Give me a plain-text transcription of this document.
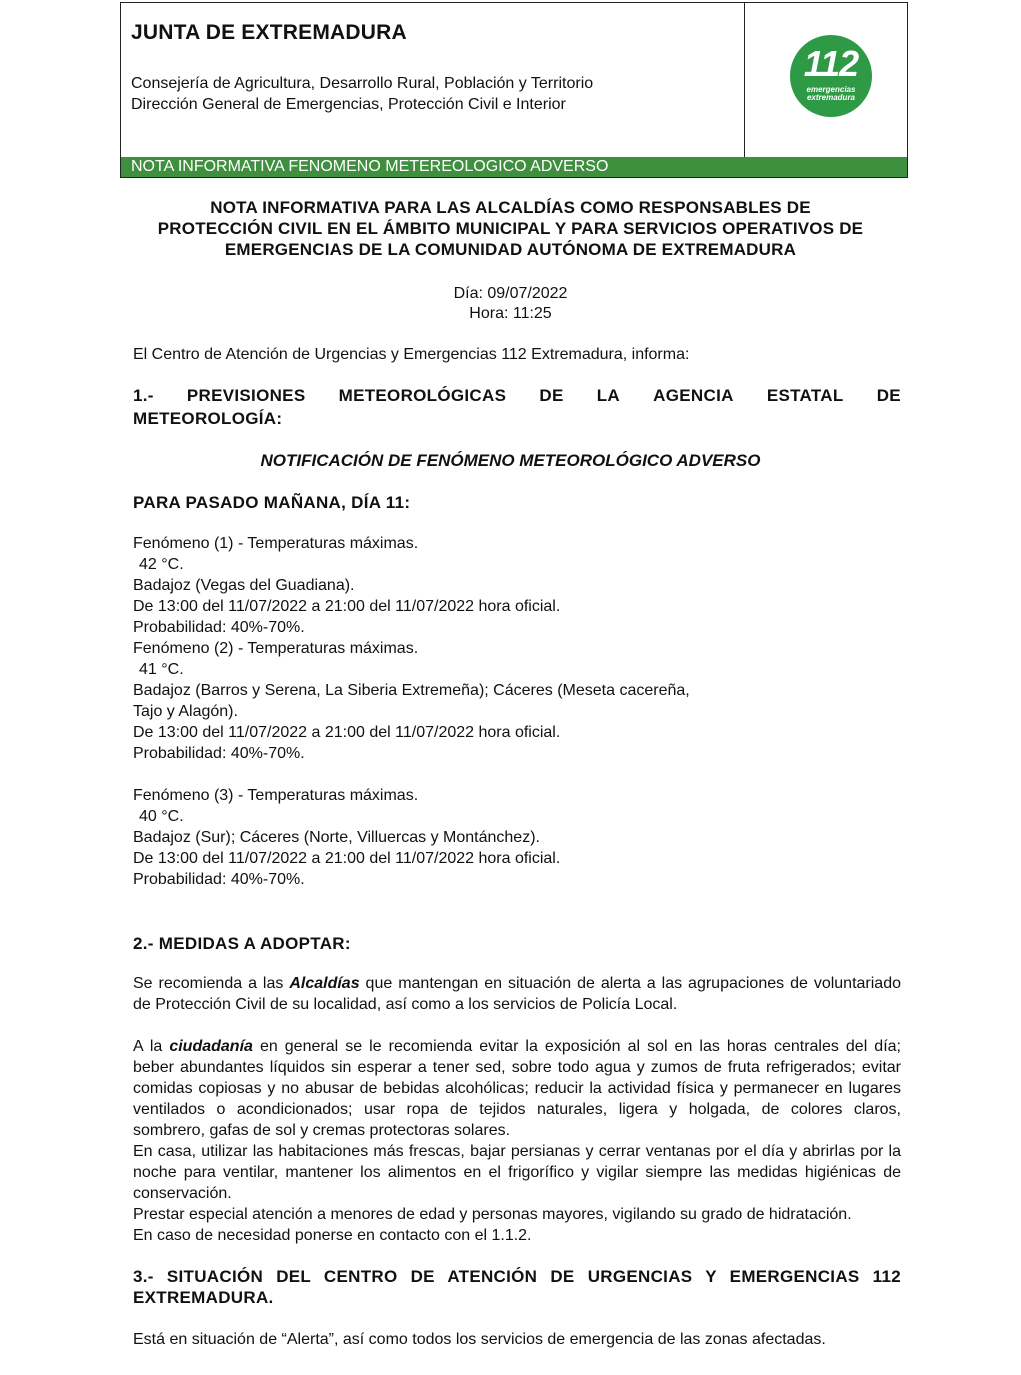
JUNTA DE EXTREMADURA
Consejería de Agricultura, Desarrollo Rural, Población y Territorio
Dirección General de Emergencias, Protección Civil e Interior
112
emergencias
extremadura
NOTA INFORMATIVA FENOMENO METEREOLOGICO ADVERSO
NOTA INFORMATIVA PARA LAS ALCALDÍAS COMO RESPONSABLES DE
PROTECCIÓN CIVIL EN EL ÁMBITO MUNICIPAL Y PARA SERVICIOS OPERATIVOS DE
EMERGENCIAS DE LA COMUNIDAD AUTÓNOMA DE EXTREMADURA
Día: 09/07/2022
Hora: 11:25
El Centro de Atención de Urgencias y Emergencias 112 Extremadura, informa:
1.- PREVISIONES METEOROLÓGICAS DE LA AGENCIA ESTATAL DE
METEOROLOGÍA:
NOTIFICACIÓN DE FENÓMENO METEOROLÓGICO ADVERSO
PARA PASADO MAÑANA, DÍA 11:
Fenómeno (1) - Temperaturas máximas.
42 °C.
Badajoz (Vegas del Guadiana).
De 13:00 del 11/07/2022 a 21:00 del 11/07/2022 hora oficial.
Probabilidad: 40%-70%.
Fenómeno (2) - Temperaturas máximas.
41 °C.
Badajoz (Barros y Serena, La Siberia Extremeña); Cáceres (Meseta cacereña,
Tajo y Alagón).
De 13:00 del 11/07/2022 a 21:00 del 11/07/2022 hora oficial.
Probabilidad: 40%-70%.
Fenómeno (3) - Temperaturas máximas.
40 °C.
Badajoz (Sur); Cáceres (Norte, Villuercas y Montánchez).
De 13:00 del 11/07/2022 a 21:00 del 11/07/2022 hora oficial.
Probabilidad: 40%-70%.
2.- MEDIDAS A ADOPTAR:
Se recomienda a las Alcaldías que mantengan en situación de alerta a las agrupaciones de voluntariado
de Protección Civil de su localidad, así como a los servicios de Policía Local.
A la ciudadanía en general se le recomienda evitar la exposición al sol en las horas centrales del día;
beber abundantes líquidos sin esperar a tener sed, sobre todo agua y zumos de fruta refrigerados; evitar
comidas copiosas y no abusar de bebidas alcohólicas; reducir la actividad física y permanecer en lugares
ventilados o acondicionados; usar ropa de tejidos naturales, ligera y holgada, de colores claros,
sombrero, gafas de sol y cremas protectoras solares.
En casa, utilizar las habitaciones más frescas, bajar persianas y cerrar ventanas por el día y abrirlas por la
noche para ventilar, mantener los alimentos en el frigorífico y vigilar siempre las medidas higiénicas de
conservación.
Prestar especial atención a menores de edad y personas mayores, vigilando su grado de hidratación.
En caso de necesidad ponerse en contacto con el 1.1.2.
3.- SITUACIÓN DEL CENTRO DE ATENCIÓN DE URGENCIAS Y EMERGENCIAS 112
EXTREMADURA.
Está en situación de “Alerta”, así como todos los servicios de emergencia de las zonas afectadas.
